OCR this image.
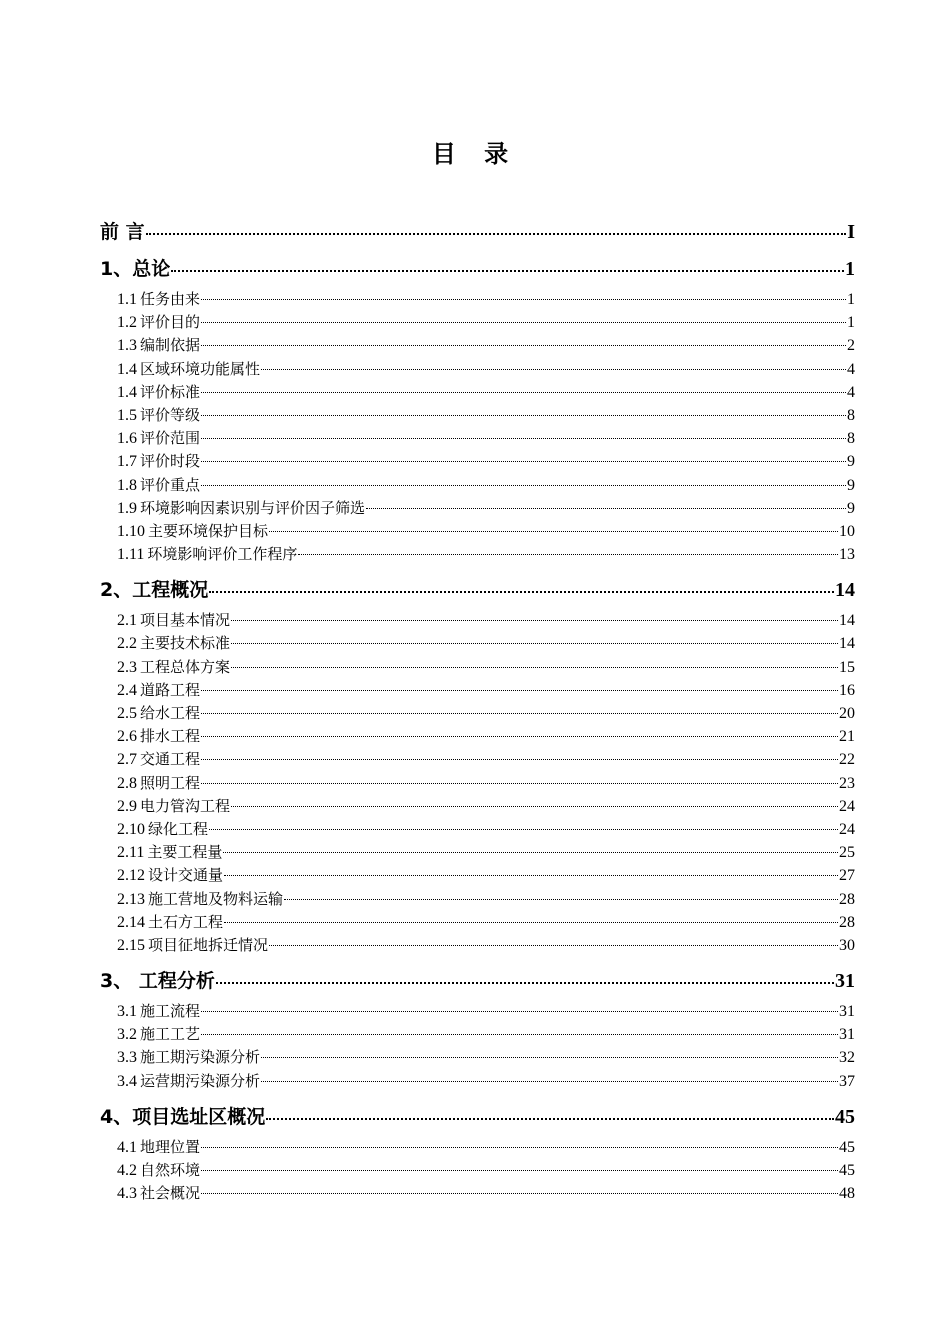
目 录
前 言	I
1、总论	1
1.1 任务由来	1
1.2 评价目的	1
1.3 编制依据	2
1.4 区域环境功能属性	4
1.4 评价标准	4
1.5 评价等级	8
1.6 评价范围	8
1.7 评价时段	9
1.8 评价重点	9
1.9 环境影响因素识别与评价因子筛选	9
1.10 主要环境保护目标	10
1.11 环境影响评价工作程序	13
2、工程概况	14
2.1 项目基本情况	14
2.2 主要技术标准	14
2.3 工程总体方案	15
2.4 道路工程	16
2.5 给水工程	20
2.6 排水工程	21
2.7 交通工程	22
2.8 照明工程	23
2.9 电力管沟工程	24
2.10 绿化工程	24
2.11 主要工程量	25
2.12 设计交通量	27
2.13 施工营地及物料运输	28
2.14 土石方工程	28
2.15 项目征地拆迁情况	30
3、 工程分析	31
3.1 施工流程	31
3.2 施工工艺	31
3.3 施工期污染源分析	32
3.4 运营期污染源分析	37
4、项目选址区概况	45
4.1 地理位置	45
4.2 自然环境	45
4.3 社会概况	48
